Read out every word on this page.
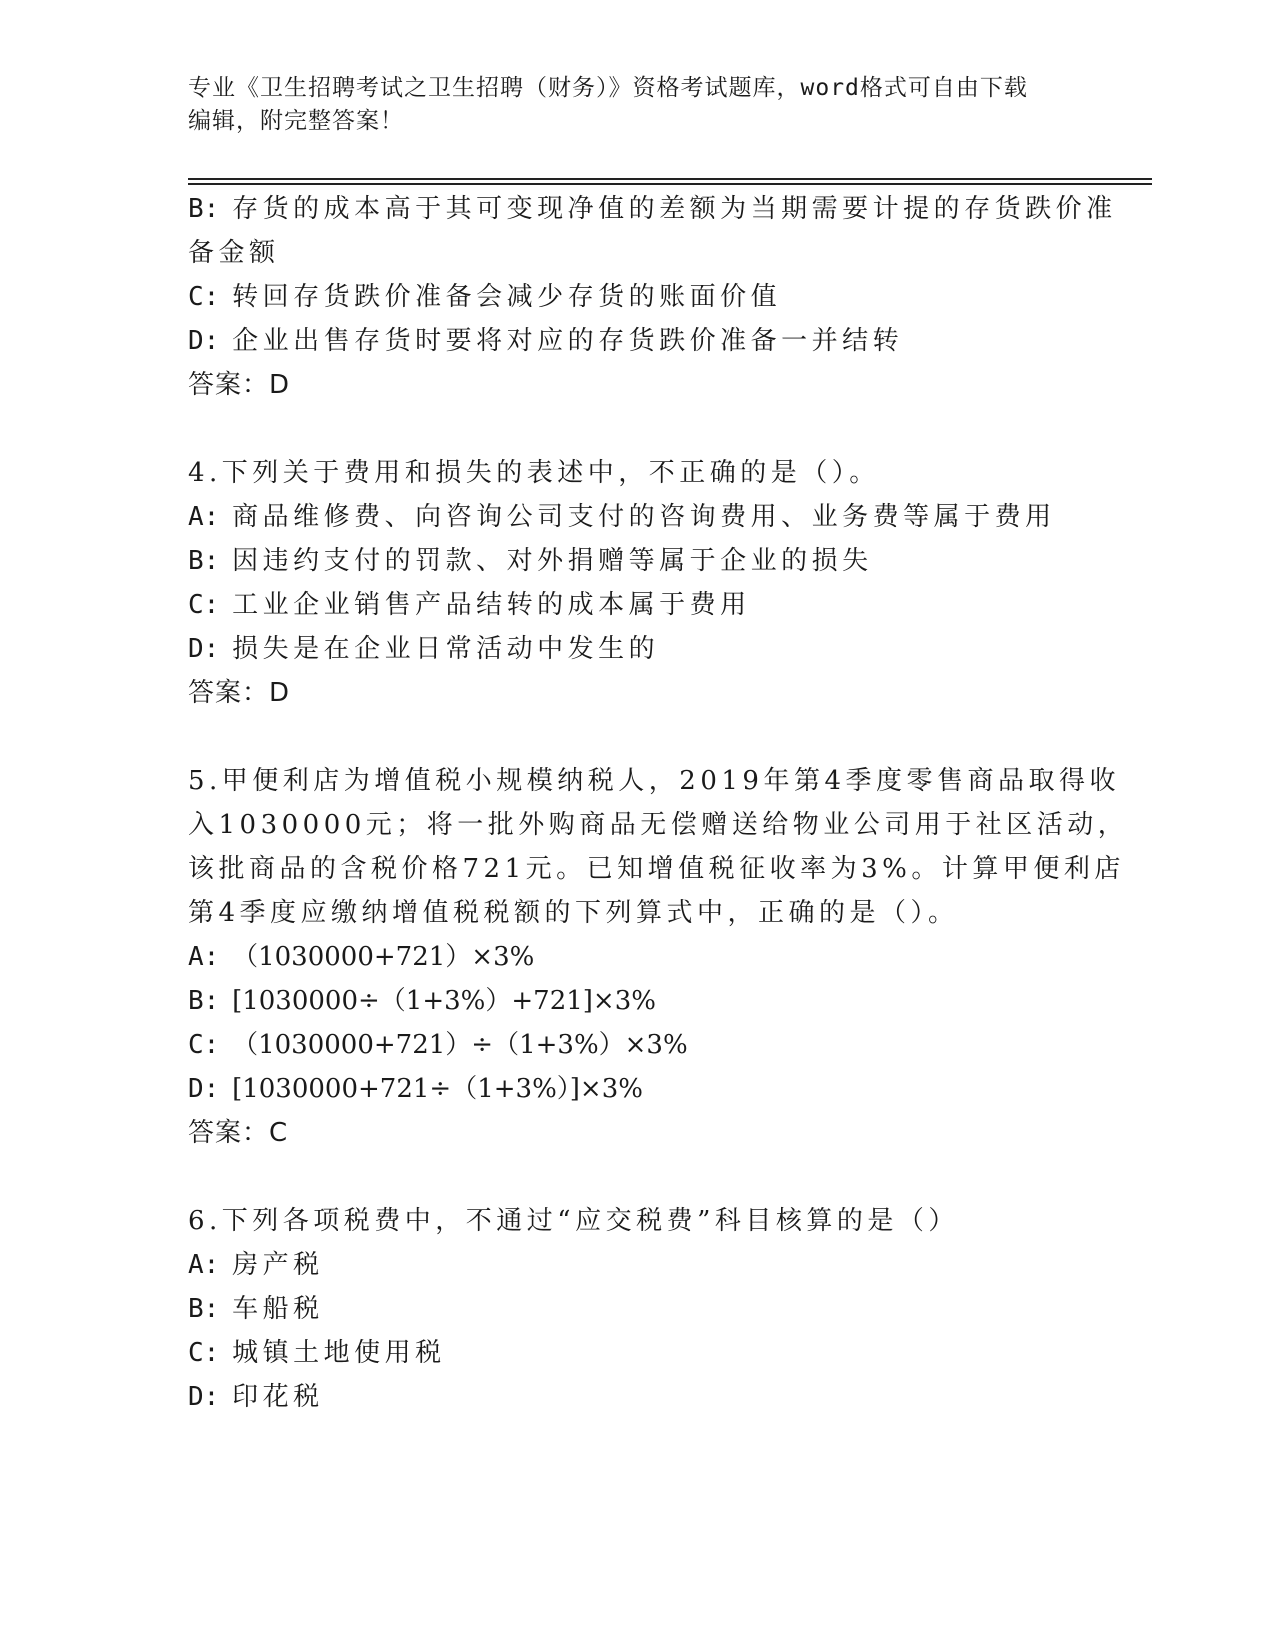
专业《卫生招聘考试之卫生招聘（财务）》资格考试题库，word格式可自由下载
编辑，附完整答案！
B: 存货的成本高于其可变现净值的差额为当期需要计提的存货跌价准
备金额
C: 转回存货跌价准备会减少存货的账面价值
D: 企业出售存货时要将对应的存货跌价准备一并结转
答案：D
4.下列关于费用和损失的表述中，不正确的是（）。
A: 商品维修费、向咨询公司支付的咨询费用、业务费等属于费用
B: 因违约支付的罚款、对外捐赠等属于企业的损失
C: 工业企业销售产品结转的成本属于费用
D: 损失是在企业日常活动中发生的
答案：D
5.甲便利店为增值税小规模纳税人，2019年第4季度零售商品取得收
入1030000元；将一批外购商品无偿赠送给物业公司用于社区活动，
该批商品的含税价格721元。已知增值税征收率为3%。计算甲便利店
第4季度应缴纳增值税税额的下列算式中，正确的是（）。
A: （1030000+721）×3%
B: [1030000÷（1+3%）+721]×3%
C: （1030000+721）÷（1+3%）×3%
D: [1030000+721÷（1+3%）]×3%
答案：C
6.下列各项税费中，不通过“应交税费”科目核算的是（）
A: 房产税
B: 车船税
C: 城镇土地使用税
D: 印花税
